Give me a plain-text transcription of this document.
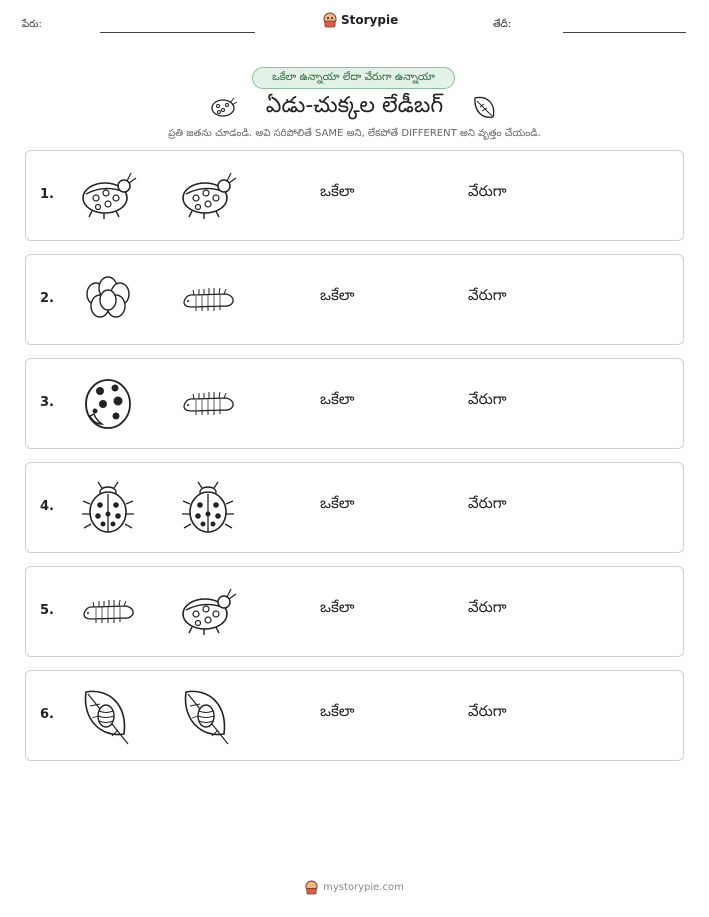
పేరు:	Storypie	తేదీ:
ఒకేలా ఉన్నాయా లేదా వేరుగా ఉన్నాయా
ఏడు-చుక్కల లేడీబగ్
ప్రతి జతను చూడండి. అవి సరిపోలితే SAME అని, లేకపోతే DIFFERENT అని వృత్తం చేయండి.
1.	ఒకేలా	వేరుగా
2.	ఒకేలా	వేరుగా
3.	ఒకేలా	వేరుగా
4.	ఒకేలా	వేరుగా
5.	ఒకేలా	వేరుగా
6.	ఒకేలా	వేరుగా
mystorypie.com
